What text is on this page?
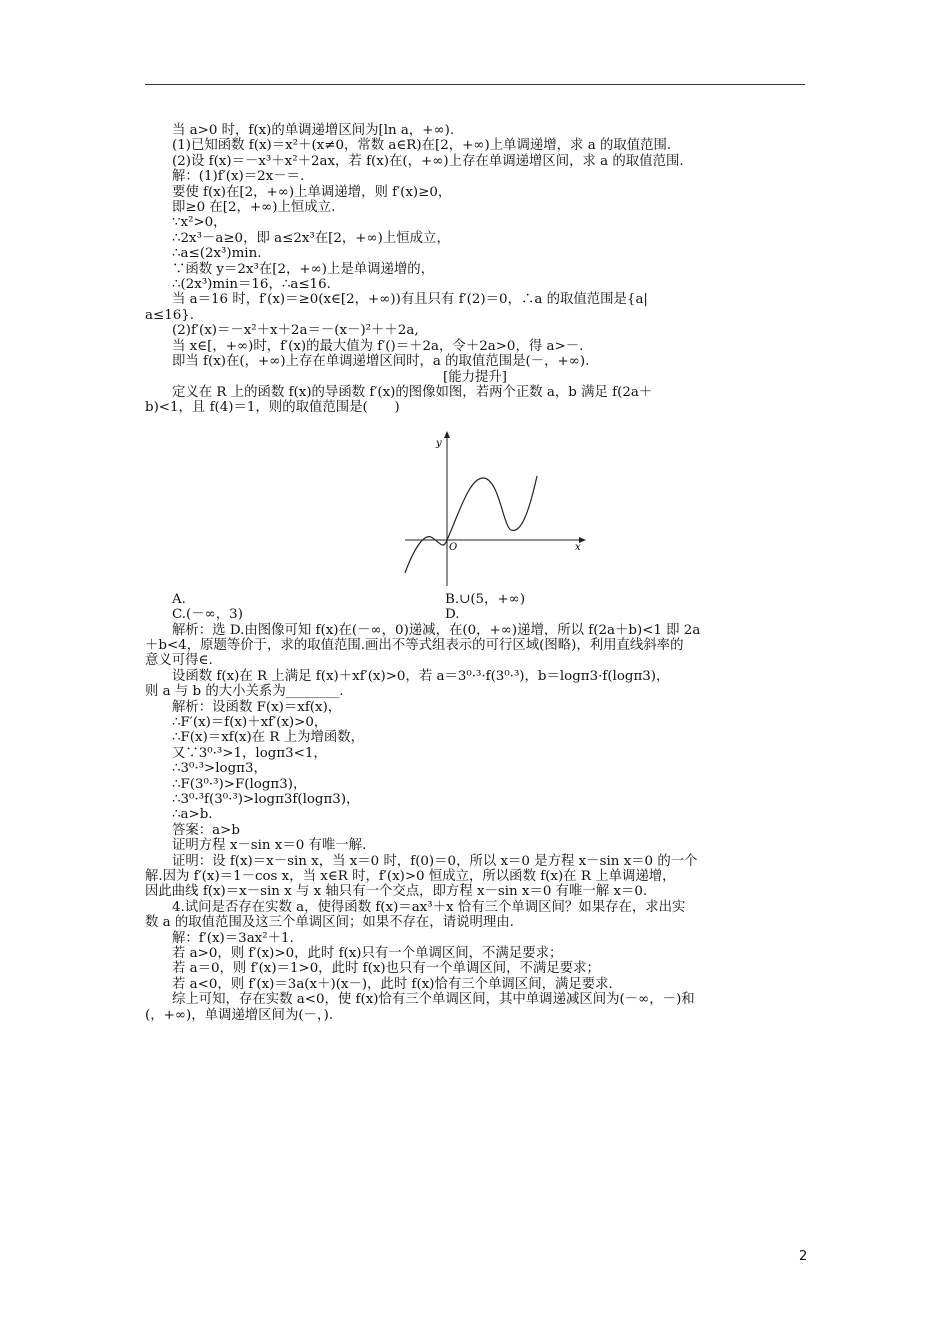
当 a>0 时，f(x)的单调递增区间为[ln a，+∞).

(1)已知函数 f(x)＝x²＋(x≠0，常数 a∈R)在[2，+∞)上单调递增，求 a 的取值范围.

(2)设 f(x)＝－x³＋x²＋2ax，若 f(x)在(，+∞)上存在单调递增区间，求 a 的取值范围.

解：(1)f′(x)＝2x－＝.

要使 f(x)在[2，+∞)上单调递增，则 f′(x)≥0，

即≥0 在[2，+∞)上恒成立.

∵x²>0，

∴2x³－a≥0，即 a≤2x³在[2，+∞)上恒成立，

∴a≤(2x³)min.

∵函数 y＝2x³在[2，+∞)上是单调递增的，

∴(2x³)min＝16，∴a≤16.

当 a＝16 时，f′(x)＝≥0(x∈[2，+∞))有且只有 f′(2)＝0，∴a 的取值范围是{a|

a≤16}.

(2)f′(x)＝－x²＋x＋2a＝－(x－)²＋＋2a,

当 x∈[，+∞)时，f′(x)的最大值为 f′()＝＋2a，令＋2a>0，得 a>－.

即当 f(x)在(，+∞)上存在单调递增区间时，a 的取值范围是(－，+∞).

[能力提升]

定义在 R 上的函数 f(x)的导函数 f′(x)的图像如图，若两个正数 a，b 满足 f(2a＋

b)<1，且 f(4)＝1，则的取值范围是(　　)

y
x
O
A.	B.∪(5，+∞)
C.(－∞，3)	D.

解析：选 D.由图像可知 f(x)在(－∞，0)递减，在(0，+∞)递增，所以 f(2a＋b)<1 即 2a

＋b<4，原题等价于，求的取值范围.画出不等式组表示的可行区域(图略)，利用直线斜率的

意义可得∈.

设函数 f(x)在 R 上满足 f(x)＋xf′(x)>0，若 a＝3⁰·³·f(3⁰·³)，b＝logπ3·f(logπ3)，

则 a 与 b 的大小关系为________.

解析：设函数 F(x)＝xf(x)，

∴F′(x)＝f(x)＋xf′(x)>0，

∴F(x)＝xf(x)在 R 上为增函数，

又∵3⁰·³>1，logπ3<1，

∴3⁰·³>logπ3，

∴F(3⁰·³)>F(logπ3)，

∴3⁰·³f(3⁰·³)>logπ3f(logπ3)，

∴a>b.

答案：a>b

证明方程 x－sin x＝0 有唯一解.

证明：设 f(x)＝x－sin x，当 x＝0 时，f(0)＝0，所以 x＝0 是方程 x－sin x＝0 的一个

解.因为 f′(x)＝1－cos x，当 x∈R 时，f′(x)>0 恒成立，所以函数 f(x)在 R 上单调递增，

因此曲线 f(x)＝x－sin x 与 x 轴只有一个交点，即方程 x－sin x＝0 有唯一解 x＝0.

4.试问是否存在实数 a，使得函数 f(x)＝ax³＋x 恰有三个单调区间？如果存在，求出实

数 a 的取值范围及这三个单调区间；如果不存在，请说明理由.

解：f′(x)＝3ax²＋1.

若 a>0，则 f′(x)>0，此时 f(x)只有一个单调区间，不满足要求；

若 a＝0，则 f′(x)＝1>0，此时 f(x)也只有一个单调区间，不满足要求；

若 a<0，则 f′(x)＝3a(x＋)(x－)，此时 f(x)恰有三个单调区间，满足要求.

综上可知，存在实数 a<0，使 f(x)恰有三个单调区间，其中单调递减区间为(－∞，－)和

(，+∞)，单调递增区间为(－，).

2
